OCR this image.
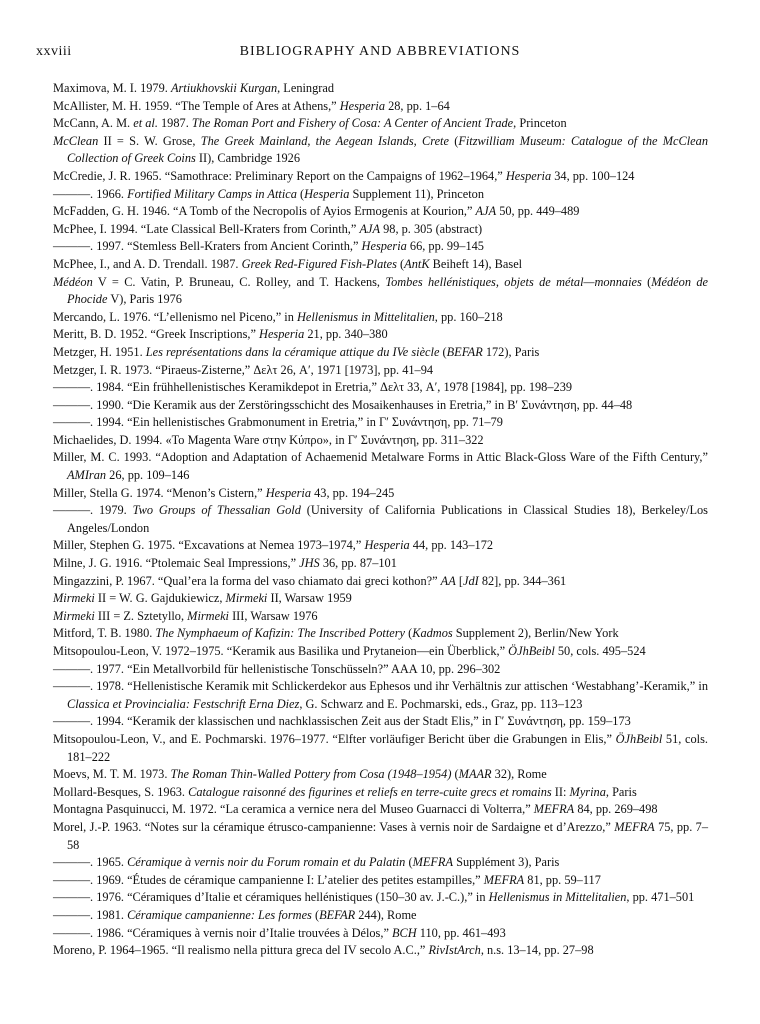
xxviii	BIBLIOGRAPHY AND ABBREVIATIONS

Maximova, M. I. 1979. Artiukhovskii Kurgan, Leningrad

McAllister, M. H. 1959. “The Temple of Ares at Athens,” Hesperia 28, pp. 1–64

McCann, A. M. et al. 1987. The Roman Port and Fishery of Cosa: A Center of Ancient Trade, Princeton

McClean II = S. W. Grose, The Greek Mainland, the Aegean Islands, Crete (Fitzwilliam Museum: Catalogue of the McClean Collection of Greek Coins II), Cambridge 1926

McCredie, J. R. 1965. “Samothrace: Preliminary Report on the Campaigns of 1962–1964,” Hesperia 34, pp. 100–124

———. 1966. Fortified Military Camps in Attica (Hesperia Supplement 11), Princeton

McFadden, G. H. 1946. “A Tomb of the Necropolis of Ayios Ermogenis at Kourion,” AJA 50, pp. 449–489

McPhee, I. 1994. “Late Classical Bell-Kraters from Corinth,” AJA 98, p. 305 (abstract)

———. 1997. “Stemless Bell-Kraters from Ancient Corinth,” Hesperia 66, pp. 99–145

McPhee, I., and A. D. Trendall. 1987. Greek Red-Figured Fish-Plates (AntK Beiheft 14), Basel

Médéon V = C. Vatin, P. Bruneau, C. Rolley, and T. Hackens, Tombes hellénistiques, objets de métal—monnaies (Médéon de Phocide V), Paris 1976

Mercando, L. 1976. “L’ellenismo nel Piceno,” in Hellenismus in Mittelitalien, pp. 160–218

Meritt, B. D. 1952. “Greek Inscriptions,” Hesperia 21, pp. 340–380

Metzger, H. 1951. Les représentations dans la céramique attique du IVe siècle (BEFAR 172), Paris

Metzger, I. R. 1973. “Piraeus-Zisterne,” Δελτ 26, A′, 1971 [1973], pp. 41–94

———. 1984. “Ein frühhellenistisches Keramikdepot in Eretria,” Δελτ 33, A′, 1978 [1984], pp. 198–239

———. 1990. “Die Keramik aus der Zerstöringsschicht des Mosaikenhauses in Eretria,” in B′ Συνάντηση, pp. 44–48

———. 1994. “Ein hellenistisches Grabmonument in Eretria,” in Γ′ Συνάντηση, pp. 71–79

Michaelides, D. 1994. «Το Magenta Ware στην Κύπρο», in Γ′ Συνάντηση, pp. 311–322

Miller, M. C. 1993. “Adoption and Adaptation of Achaemenid Metalware Forms in Attic Black-Gloss Ware of the Fifth Century,” AMIran 26, pp. 109–146

Miller, Stella G. 1974. “Menon’s Cistern,” Hesperia 43, pp. 194–245

———. 1979. Two Groups of Thessalian Gold (University of California Publications in Classical Studies 18), Berkeley/Los Angeles/London

Miller, Stephen G. 1975. “Excavations at Nemea 1973–1974,” Hesperia 44, pp. 143–172

Milne, J. G. 1916. “Ptolemaic Seal Impressions,” JHS 36, pp. 87–101

Mingazzini, P. 1967. “Qual’era la forma del vaso chiamato dai greci kothon?” AA [JdI 82], pp. 344–361

Mirmeki II = W. G. Gajdukiewicz, Mirmeki II, Warsaw 1959

Mirmeki III = Z. Sztetyllo, Mirmeki III, Warsaw 1976

Mitford, T. B. 1980. The Nymphaeum of Kafizin: The Inscribed Pottery (Kadmos Supplement 2), Berlin/New York

Mitsopoulou-Leon, V. 1972–1975. “Keramik aus Basilika und Prytaneion—ein Überblick,” ÖJhBeibl 50, cols. 495–524

———. 1977. “Ein Metallvorbild für hellenistische Tonschüsseln?” AAA 10, pp. 296–302

———. 1978. “Hellenistische Keramik mit Schlickerdekor aus Ephesos und ihr Verhältnis zur attischen ‘Westabhang’-Keramik,” in Classica et Provincialia: Festschrift Erna Diez, G. Schwarz and E. Pochmarski, eds., Graz, pp. 113–123

———. 1994. “Keramik der klassischen und nachklassischen Zeit aus der Stadt Elis,” in Γ′ Συνάντηση, pp. 159–173

Mitsopoulou-Leon, V., and E. Pochmarski. 1976–1977. “Elfter vorläufiger Bericht über die Grabungen in Elis,” ÖJhBeibl 51, cols. 181–222

Moevs, M. T. M. 1973. The Roman Thin-Walled Pottery from Cosa (1948–1954) (MAAR 32), Rome

Mollard-Besques, S. 1963. Catalogue raisonné des figurines et reliefs en terre-cuite grecs et romains II: Myrina, Paris

Montagna Pasquinucci, M. 1972. “La ceramica a vernice nera del Museo Guarnacci di Volterra,” MEFRA 84, pp. 269–498

Morel, J.-P. 1963. “Notes sur la céramique étrusco-campanienne: Vases à vernis noir de Sardaigne et d’Arezzo,” MEFRA 75, pp. 7–58

———. 1965. Céramique à vernis noir du Forum romain et du Palatin (MEFRA Supplément 3), Paris

———. 1969. “Études de céramique campanienne I: L’atelier des petites estampilles,” MEFRA 81, pp. 59–117

———. 1976. “Céramiques d’Italie et céramiques hellénistiques (150–30 av. J.-C.),” in Hellenismus in Mittelitalien, pp. 471–501

———. 1981. Céramique campanienne: Les formes (BEFAR 244), Rome

———. 1986. “Céramiques à vernis noir d’Italie trouvées à Délos,” BCH 110, pp. 461–493

Moreno, P. 1964–1965. “Il realismo nella pittura greca del IV secolo A.C.,” RivIstArch, n.s. 13–14, pp. 27–98
